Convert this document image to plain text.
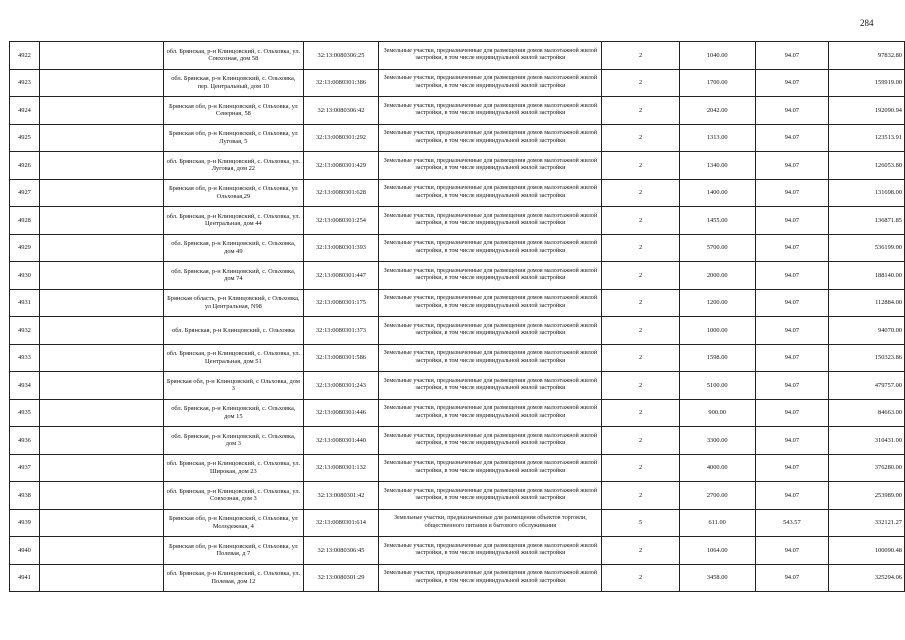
284
4922		обл. Брянская, р-н Клинцовский, с. Ольховка, ул. Совхозная, дом 58	32:13:0080306:25	Земельные участки, предназначенные для размещения домов малоэтажной жилой застройки, в том числе индивидуальной жилой застройки	2	1040.00	94.07	97832.80
4923		обл. Брянская, р-н Клинцовский, с. Ольховка, пер. Центральный, дом 10	32:13:0080301:386	Земельные участки, предназначенные для размещения домов малоэтажной жилой застройки, в том числе индивидуальной жилой застройки	2	1700.00	94.07	159919.00
4924		Брянская обл, р-н Клинцовский, с Ольховка, ул Северная, 58	32:13:0080306:42	Земельные участки, предназначенные для размещения домов малоэтажной жилой застройки, в том числе индивидуальной жилой застройки	2	2042.00	94.07	192090.94
4925		Брянская обл, р-н Клинцовский, с Ольховка, ул Луговая, 5	32:13:0080301:292	Земельные участки, предназначенные для размещения домов малоэтажной жилой застройки, в том числе индивидуальной жилой застройки	2	1313.00	94.07	123513.91
4926		обл. Брянская, р-н Клинцовский, с. Ольховка, ул. Луговая, дом 22	32:13:0080301:429	Земельные участки, предназначенные для размещения домов малоэтажной жилой застройки, в том числе индивидуальной жилой застройки	2	1340.00	94.07	126053.80
4927		Брянская обл, р-н Клинцовский, с Ольховка, ул Ольховая,29	32:13:0080301:628	Земельные участки, предназначенные для размещения домов малоэтажной жилой застройки, в том числе индивидуальной жилой застройки	2	1400.00	94.07	131698.00
4928		обл. Брянская, р-н Клинцовский, с. Ольховка, ул. Центральная, дом 44	32:13:0080301:254	Земельные участки, предназначенные для размещения домов малоэтажной жилой застройки, в том числе индивидуальной жилой застройки	2	1455.00	94.07	136871.85
4929		обл. Брянская, р-н Клинцовский, с. Ольховка, дом 49	32:13:0080301:393	Земельные участки, предназначенные для размещения домов малоэтажной жилой застройки, в том числе индивидуальной жилой застройки	2	5700.00	94.07	536199.00
4930		обл. Брянская, р-н Клинцовский, с. Ольховка, дом 74	32:13:0080301:447	Земельные участки, предназначенные для размещения домов малоэтажной жилой застройки, в том числе индивидуальной жилой застройки	2	2000.00	94.07	188140.00
4931		Брянская область, р-н Клинцовский, с Ольховка, ул Центральная, N98	32:13:0080301:175	Земельные участки, предназначенные для размещения домов малоэтажной жилой застройки, в том числе индивидуальной жилой застройки	2	1200.00	94.07	112884.00
4932		обл. Брянская, р-н Клинцовский, с. Ольховка	32:13:0080301:373	Земельные участки, предназначенные для размещения домов малоэтажной жилой застройки, в том числе индивидуальной жилой застройки	2	1000.00	94.07	94070.00
4933		обл. Брянская, р-н Клинцовский, с. Ольховка, ул. Центральная, дом 51	32:13:0080301:586	Земельные участки, предназначенные для размещения домов малоэтажной жилой застройки, в том числе индивидуальной жилой застройки	2	1598.00	94.07	150323.86
4934		Брянская обл, р-н Клинцовский, с Ольховка, дом 3	32:13:0080301:243	Земельные участки, предназначенные для размещения домов малоэтажной жилой застройки, в том числе индивидуальной жилой застройки	2	5100.00	94.07	479757.00
4935		обл. Брянская, р-н Клинцовский, с. Ольховка, дом 15	32:13:0080301:446	Земельные участки, предназначенные для размещения домов малоэтажной жилой застройки, в том числе индивидуальной жилой застройки	2	900.00	94.07	84663.00
4936		обл. Брянская, р-н Клинцовский, с. Ольховка, дом 3	32:13:0080301:440	Земельные участки, предназначенные для размещения домов малоэтажной жилой застройки, в том числе индивидуальной жилой застройки	2	3300.00	94.07	310431.00
4937		обл. Брянская, р-н Клинцовский, с. Ольховка, ул. Широкая, дом 23	32:13:0080301:132	Земельные участки, предназначенные для размещения домов малоэтажной жилой застройки, в том числе индивидуальной жилой застройки	2	4000.00	94.07	376280.00
4938		обл. Брянская, р-н Клинцовский, с. Ольховка, ул. Совхозная, дом 3	32:13:0080301:42	Земельные участки, предназначенные для размещения домов малоэтажной жилой застройки, в том числе индивидуальной жилой застройки	2	2700.00	94.07	253989.00
4939		Брянская обл, р-н Клинцовский, с Ольховка, ул Молодежная, 4	32:13:0080301:614	Земельные участки, предназначенные для размещения объектов торговли, общественного питания и бытового обслуживания	5	611.00	543.57	332121.27
4940		Брянская обл, р-н Клинцовский, с Ольховка, ул Полевая, д 7	32:13:0080306:45	Земельные участки, предназначенные для размещения домов малоэтажной жилой застройки, в том числе индивидуальной жилой застройки	2	1064.00	94.07	100090.48
4941		обл. Брянская, р-н Клинцовский, с. Ольховка, ул. Полевая, дом 12	32:13:0080301:29	Земельные участки, предназначенные для размещения домов малоэтажной жилой застройки, в том числе индивидуальной жилой застройки	2	3458.00	94.07	325294.06
